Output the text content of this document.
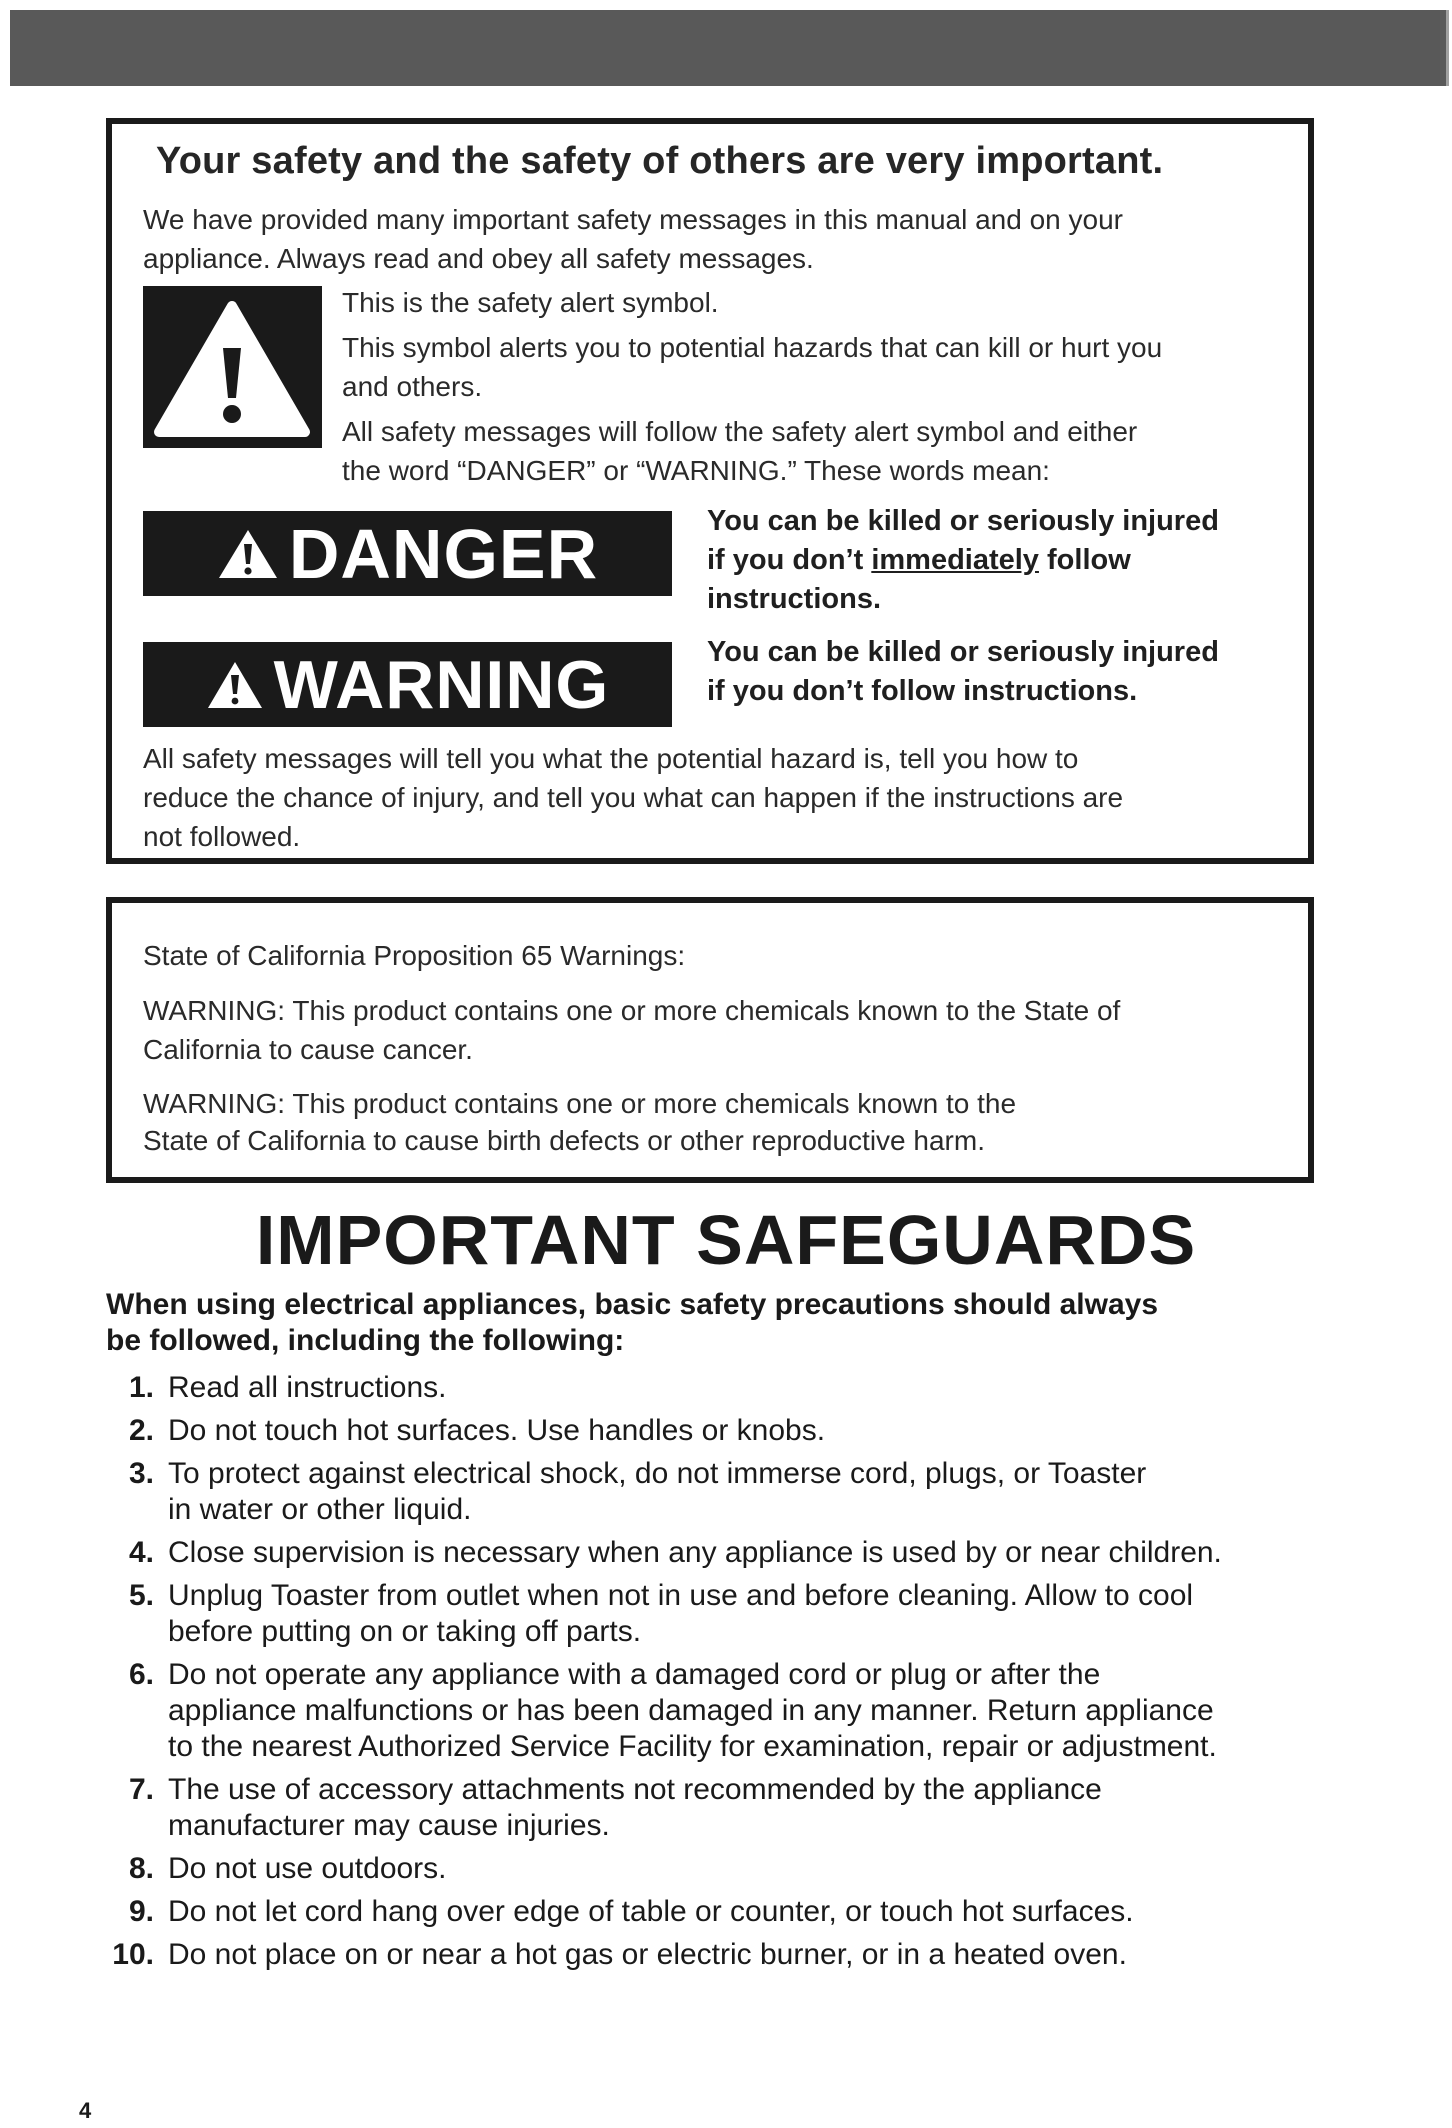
Your safety and the safety of others are very important.

We have provided many important safety messages in this manual and on your

appliance. Always read and obey all safety messages.

This is the safety alert symbol.

This symbol alerts you to potential hazards that can kill or hurt you

and others.

All safety messages will follow the safety alert symbol and either

the word “DANGER” or “WARNING.” These words mean:

DANGER	You can be killed or seriously injured

if you don’t immediately follow

instructions.

WARNING	You can be killed or seriously injured

if you don’t follow instructions.

All safety messages will tell you what the potential hazard is, tell you how to

reduce the chance of injury, and tell you what can happen if the instructions are

not followed.

State of California Proposition 65 Warnings:

WARNING: This product contains one or more chemicals known to the State of

California to cause cancer.

WARNING: This product contains one or more chemicals known to the

State of California to cause birth defects or other reproductive harm.

IMPORTANT SAFEGUARDS

When using electrical appliances, basic safety precautions should always
be followed, including the following:

1. Read all instructions.
2. Do not touch hot surfaces. Use handles or knobs.
3. To protect against electrical shock, do not immerse cord, plugs, or Toaster
in water or other liquid.
4. Close supervision is necessary when any appliance is used by or near children.
5. Unplug Toaster from outlet when not in use and before cleaning. Allow to cool
before putting on or taking off parts.
6. Do not operate any appliance with a damaged cord or plug or after the
appliance malfunctions or has been damaged in any manner. Return appliance
to the nearest Authorized Service Facility for examination, repair or adjustment.
7. The use of accessory attachments not recommended by the appliance
manufacturer may cause injuries.
8. Do not use outdoors.
9. Do not let cord hang over edge of table or counter, or touch hot surfaces.
10. Do not place on or near a hot gas or electric burner, or in a heated oven.

4
